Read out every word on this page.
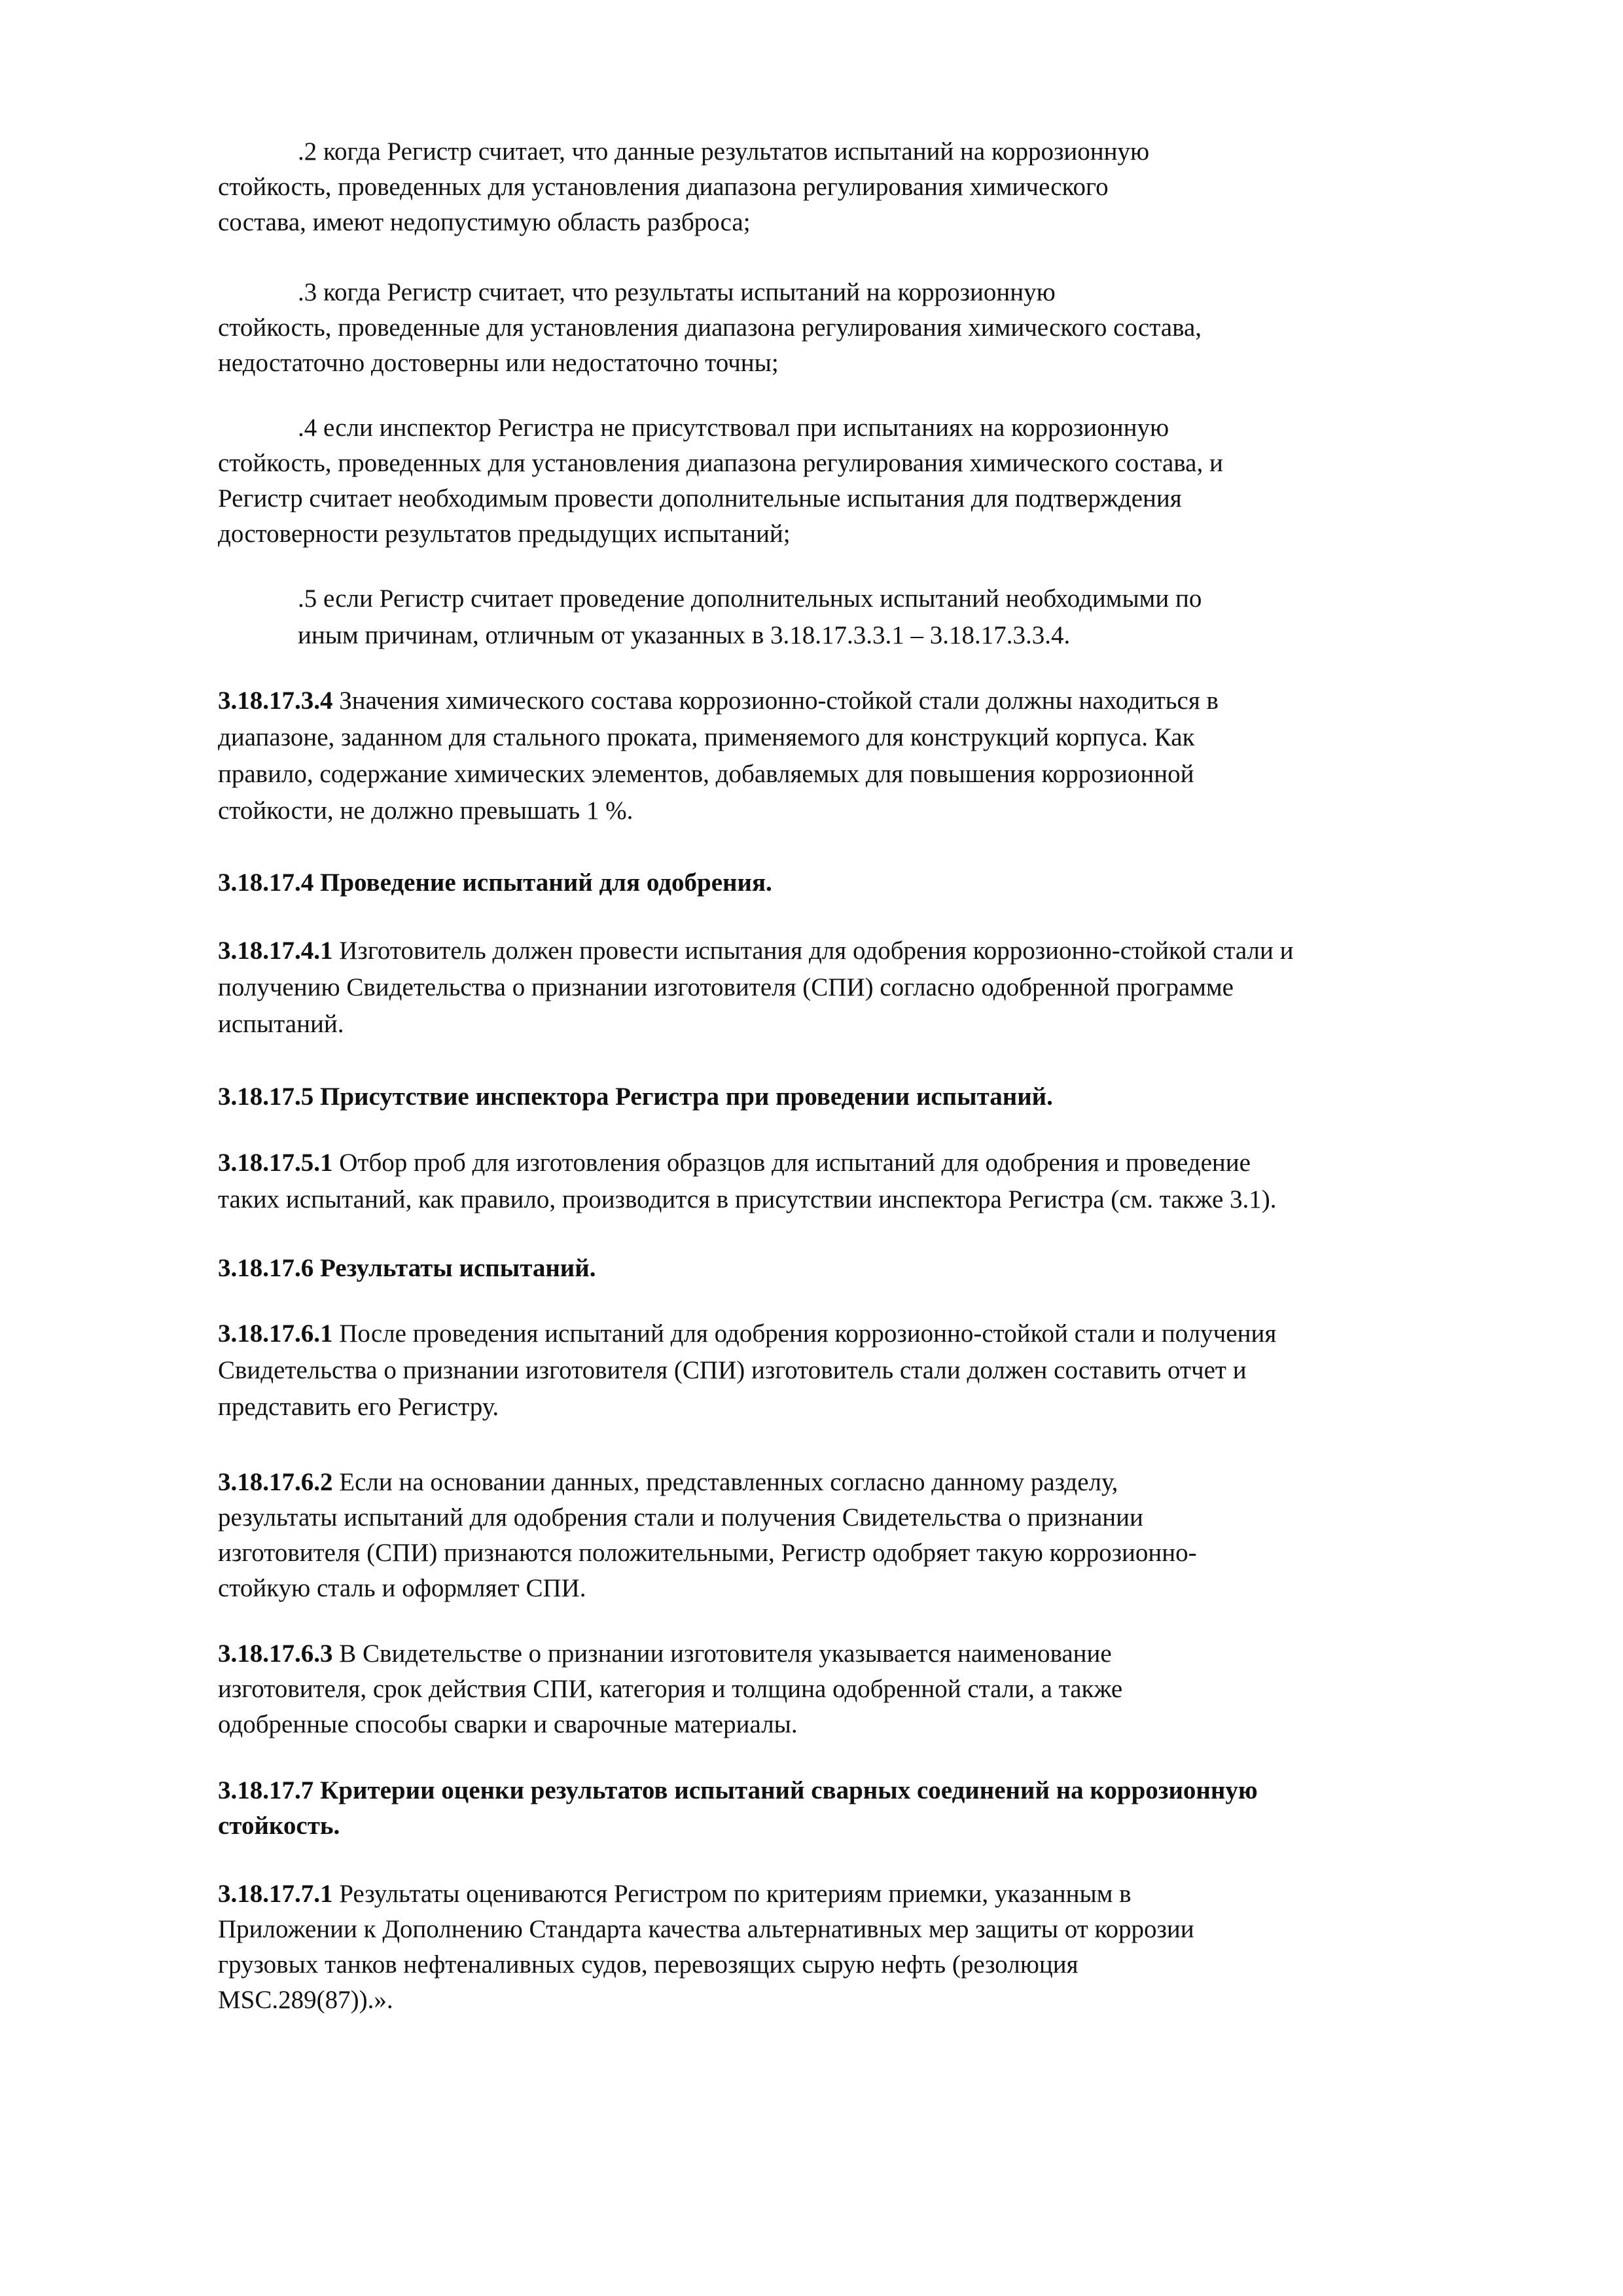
.2 когда Регистр считает, что данные результатов испытаний на коррозионную
стойкость, проведенных для установления диапазона регулирования химического
состава, имеют недопустимую область разброса;

.3 когда Регистр считает, что результаты испытаний на коррозионную
стойкость, проведенные для установления диапазона регулирования химического состава,
недостаточно достоверны или недостаточно точны;

.4 если инспектор Регистра не присутствовал при испытаниях на коррозионную
стойкость, проведенных для установления диапазона регулирования химического состава, и
Регистр считает необходимым провести дополнительные испытания для подтверждения
достоверности результатов предыдущих испытаний;

.5 если Регистр считает проведение дополнительных испытаний необходимыми по
иным причинам, отличным от указанных в 3.18.17.3.3.1 – 3.18.17.3.3.4.

3.18.17.3.4 Значения химического состава коррозионно-стойкой стали должны находиться в
диапазоне, заданном для стального проката, применяемого для конструкций корпуса. Как
правило, содержание химических элементов, добавляемых для повышения коррозионной
стойкости, не должно превышать 1 %.

3.18.17.4 Проведение испытаний для одобрения.

3.18.17.4.1 Изготовитель должен провести испытания для одобрения коррозионно-стойкой стали и
получению Свидетельства о признании изготовителя (СПИ) согласно одобренной программе
испытаний.

3.18.17.5 Присутствие инспектора Регистра при проведении испытаний.

3.18.17.5.1 Отбор проб для изготовления образцов для испытаний для одобрения и проведение
таких испытаний, как правило, производится в присутствии инспектора Регистра (см. также 3.1).

3.18.17.6 Результаты испытаний.

3.18.17.6.1 После проведения испытаний для одобрения коррозионно-стойкой стали и получения
Свидетельства о признании изготовителя (СПИ) изготовитель стали должен составить отчет и
представить его Регистру.

3.18.17.6.2 Если на основании данных, представленных согласно данному разделу,
результаты испытаний для одобрения стали и получения Свидетельства о признании
изготовителя (СПИ) признаются положительными, Регистр одобряет такую коррозионно-
стойкую сталь и оформляет СПИ.

3.18.17.6.3 В Свидетельстве о признании изготовителя указывается наименование
изготовителя, срок действия СПИ, категория и толщина одобренной стали, а также
одобренные способы сварки и сварочные материалы.

3.18.17.7 Критерии оценки результатов испытаний сварных соединений на коррозионную
стойкость.

3.18.17.7.1 Результаты оцениваются Регистром по критериям приемки, указанным в
Приложении к Дополнению Стандарта качества альтернативных мер защиты от коррозии
грузовых танков нефтеналивных судов, перевозящих сырую нефть (резолюция
MSC.289(87)).».
